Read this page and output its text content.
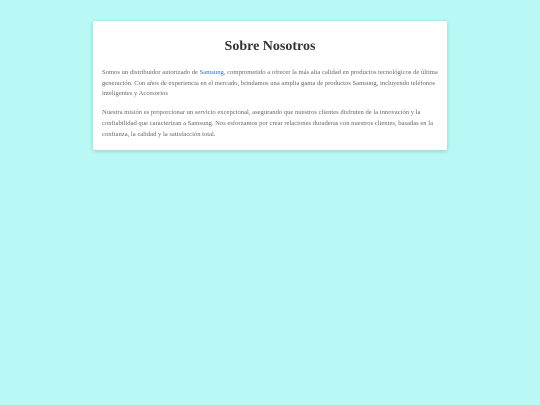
Sobre Nosotros

Somos un distribuidor autorizado de Samsung, comprometido a ofrecer la más alta calidad en productos tecnológicos de última generación. Con años de experiencia en el mercado, brindamos una amplia gama de productos Samsung, incluyendo teléfonos inteligentes y Accesorios

Nuestra misión es proporcionar un servicio excepcional, asegurando que nuestros clientes disfruten de la innovación y la confiabilidad que caracterizan a Samsung. Nos esforzamos por crear relaciones duraderas con nuestros clientes, basadas en la confianza, la calidad y la satisfacción total.
